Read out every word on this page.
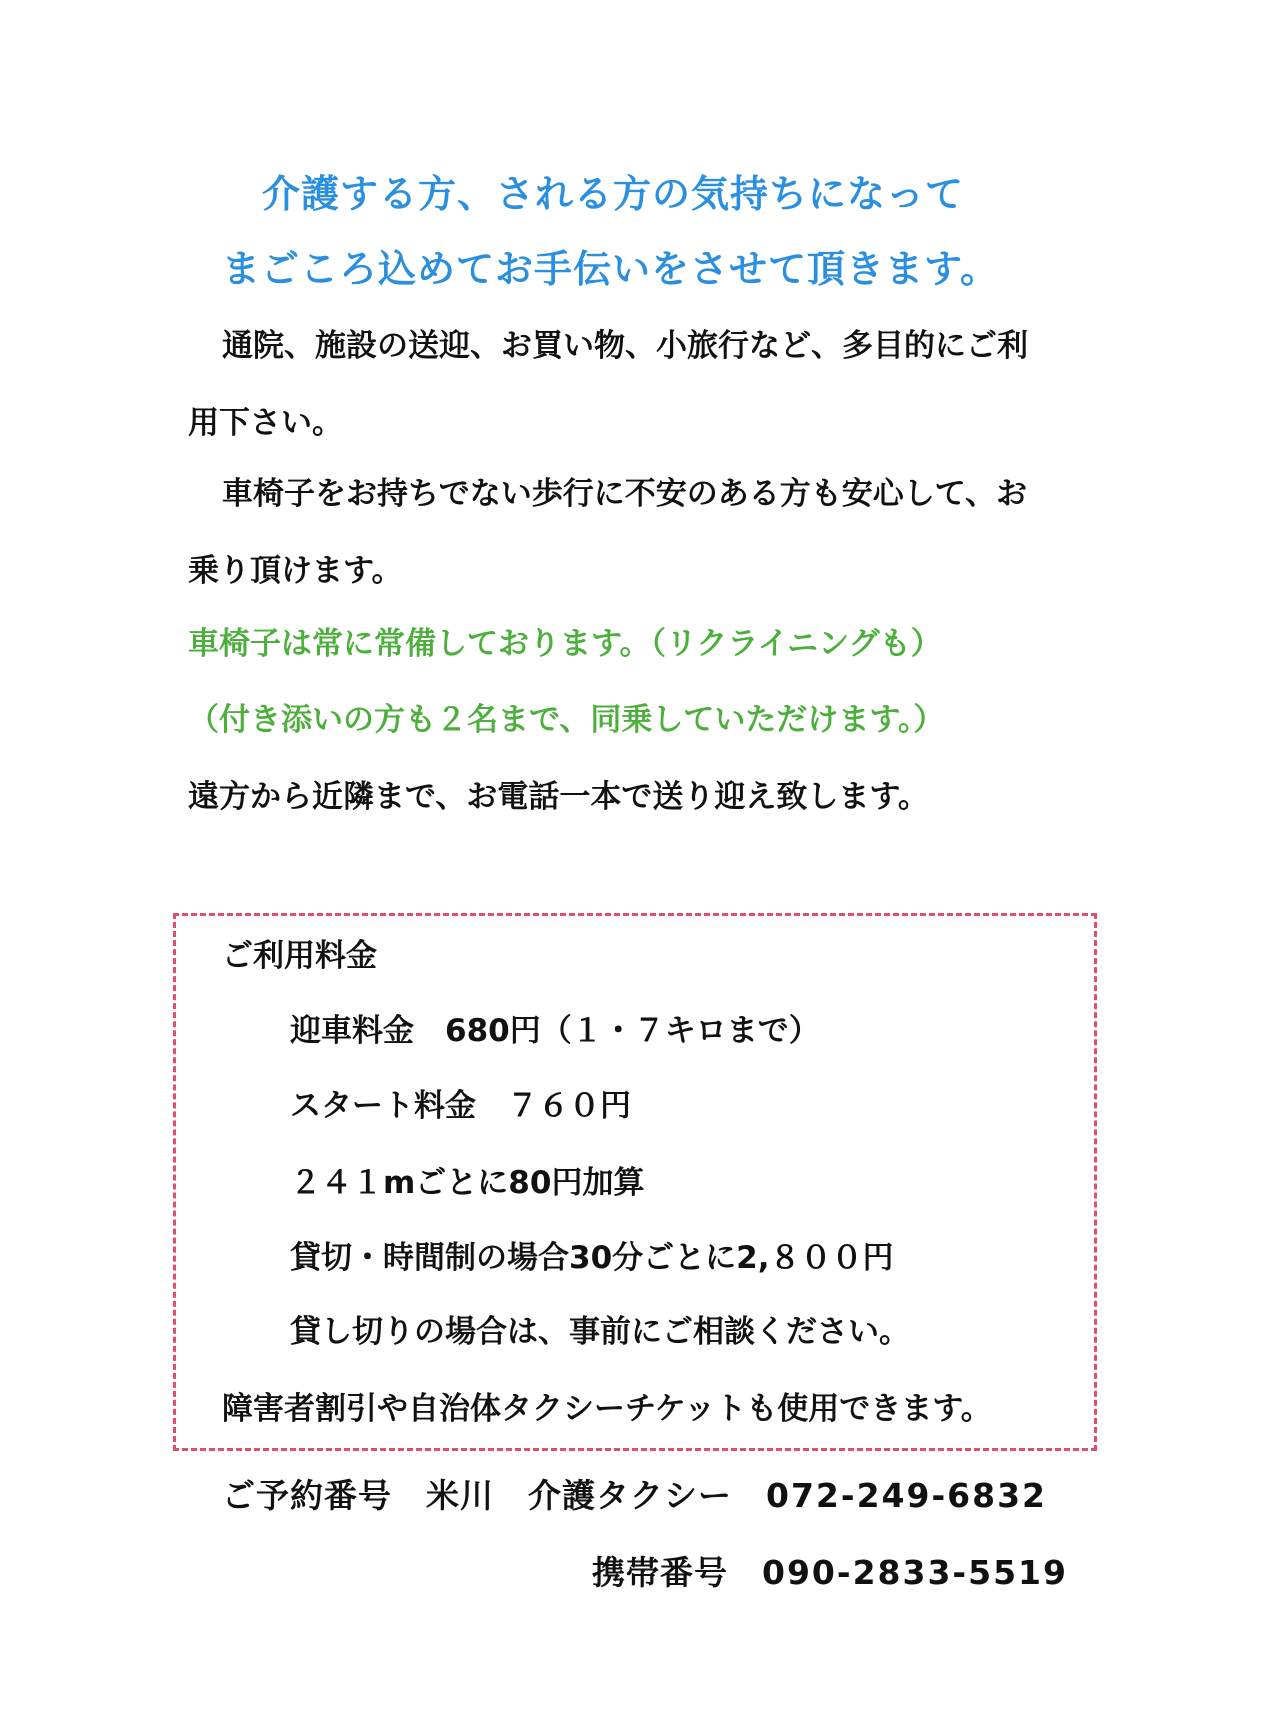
介護する方、される方の気持ちになって
まごころ込めてお手伝いをさせて頂きます。
通院、施設の送迎、お買い物、小旅行など、多目的にご利
用下さい。
車椅子をお持ちでない歩行に不安のある方も安心して、お
乗り頂けます。
車椅子は常に常備しております。（リクライニングも）
（付き添いの方も２名まで、同乗していただけます。）
遠方から近隣まで、お電話一本で送り迎え致します。
ご利用料金
迎車料金　680円（１・７キロまで）
スタート料金　７６０円
２４１mごとに80円加算
貸切・時間制の場合30分ごとに2,８００円
貸し切りの場合は、事前にご相談ください。
障害者割引や自治体タクシーチケットも使用できます。
ご予約番号 米川 介護タクシー 072-249-6832
携帯番号 090-2833-5519
